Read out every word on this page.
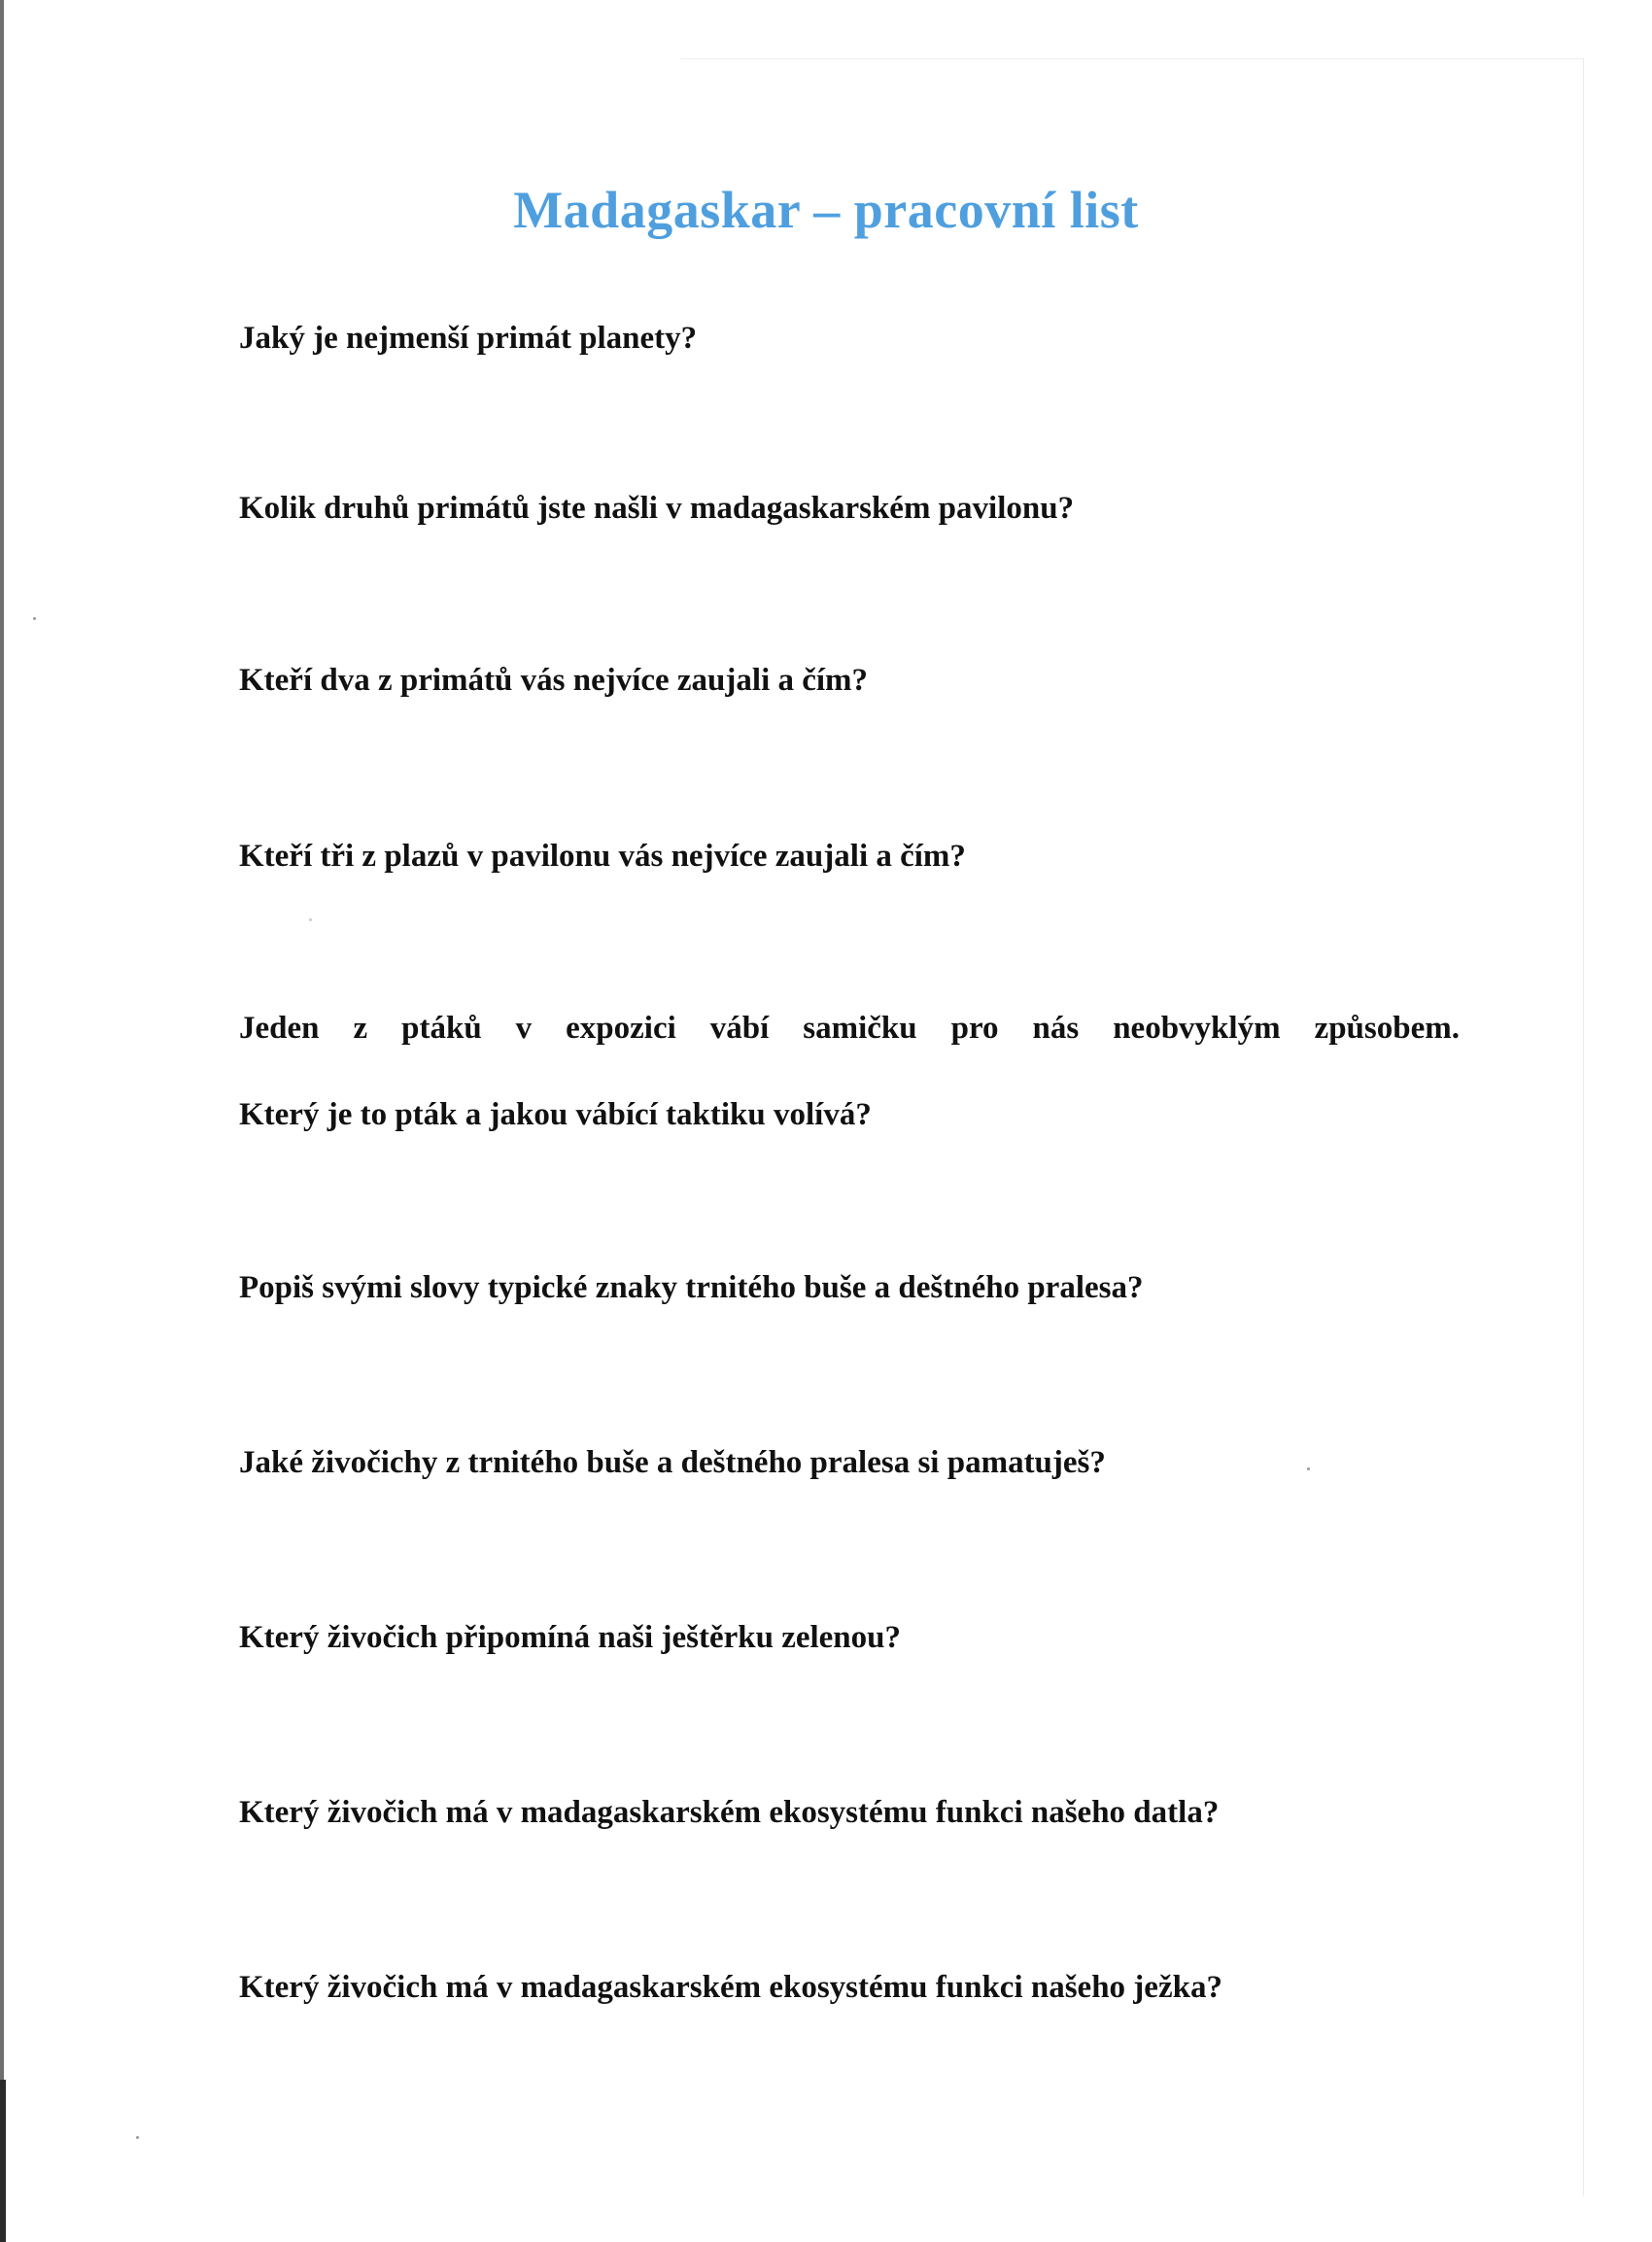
Madagaskar – pracovní list
Jaký je nejmenší primát planety?
Kolik druhů primátů jste našli v madagaskarském pavilonu?
Kteří dva z primátů vás nejvíce zaujali a čím?
Kteří tři z plazů v pavilonu vás nejvíce zaujali a čím?
Jeden z ptáků v expozici vábí samičku pro nás neobvyklým způsobem.
Který je to pták a jakou vábící taktiku volívá?
Popiš svými slovy typické znaky trnitého buše a deštného pralesa?
Jaké živočichy z trnitého buše a deštného pralesa si pamatuješ?
Který živočich připomíná naši ještěrku zelenou?
Který živočich má v madagaskarském ekosystému funkci našeho datla?
Který živočich má v madagaskarském ekosystému funkci našeho ježka?
